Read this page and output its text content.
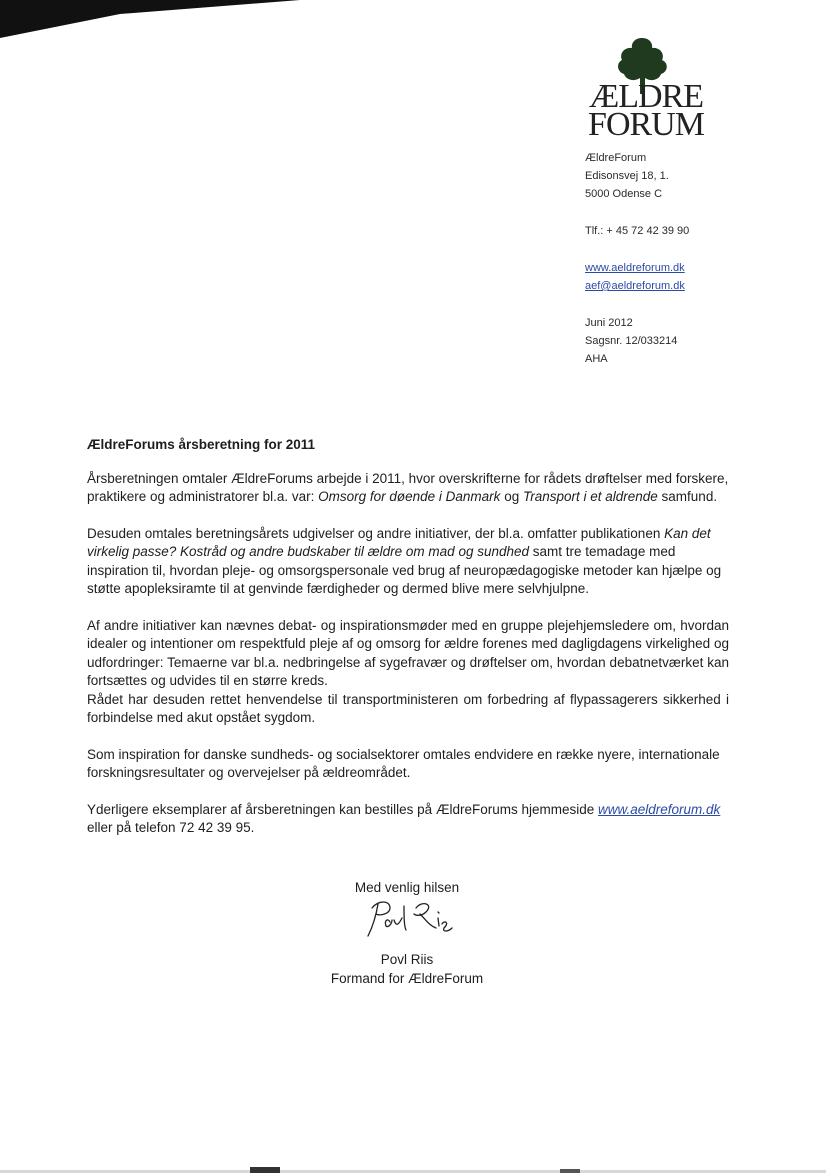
ÆLDRE
FORUM
ÆldreForum
Edisonsvej 18, 1.
5000 Odense C
Tlf.: + 45 72 42 39 90
www.aeldreforum.dk
aef@aeldreforum.dk
Juni 2012
Sagsnr. 12/033214
AHA

ÆldreForums årsberetning for 2011

Årsberetningen omtaler ÆldreForums arbejde i 2011, hvor overskrifterne for rådets drøftelser med forskere, praktikere og administratorer bl.a. var: Omsorg for døende i Danmark og Transport i et aldrende samfund.

Desuden omtales beretningsårets udgivelser og andre initiativer, der bl.a. omfatter publikationen Kan det virkelig passe? Kostråd og andre budskaber til ældre om mad og sundhed samt tre temadage med inspiration til, hvordan pleje- og omsorgspersonale ved brug af neuropædagogiske metoder kan hjælpe og støtte apopleksiramte til at genvinde færdigheder og dermed blive mere selvhjulpne.

Af andre initiativer kan nævnes debat- og inspirationsmøder med en gruppe plejehjemsledere om, hvordan idealer og intentioner om respektfuld pleje af og omsorg for ældre forenes med dagligdagens virkelighed og udfordringer: Temaerne var bl.a. nedbringelse af sygefravær og drøftelser om, hvordan debatnetværket kan fortsættes og udvides til en større kreds.

Rådet har desuden rettet henvendelse til transportministeren om forbedring af flypassagerers sikkerhed i forbindelse med akut opstået sygdom.

Som inspiration for danske sundheds- og socialsektorer omtales endvidere en række nyere, internationale forskningsresultater og overvejelser på ældreområdet.

Yderligere eksemplarer af årsberetningen kan bestilles på ÆldreForums hjemmeside www.aeldreforum.dk eller på telefon 72 42 39 95.

Med venlig hilsen
Povl Riis
Formand for ÆldreForum
